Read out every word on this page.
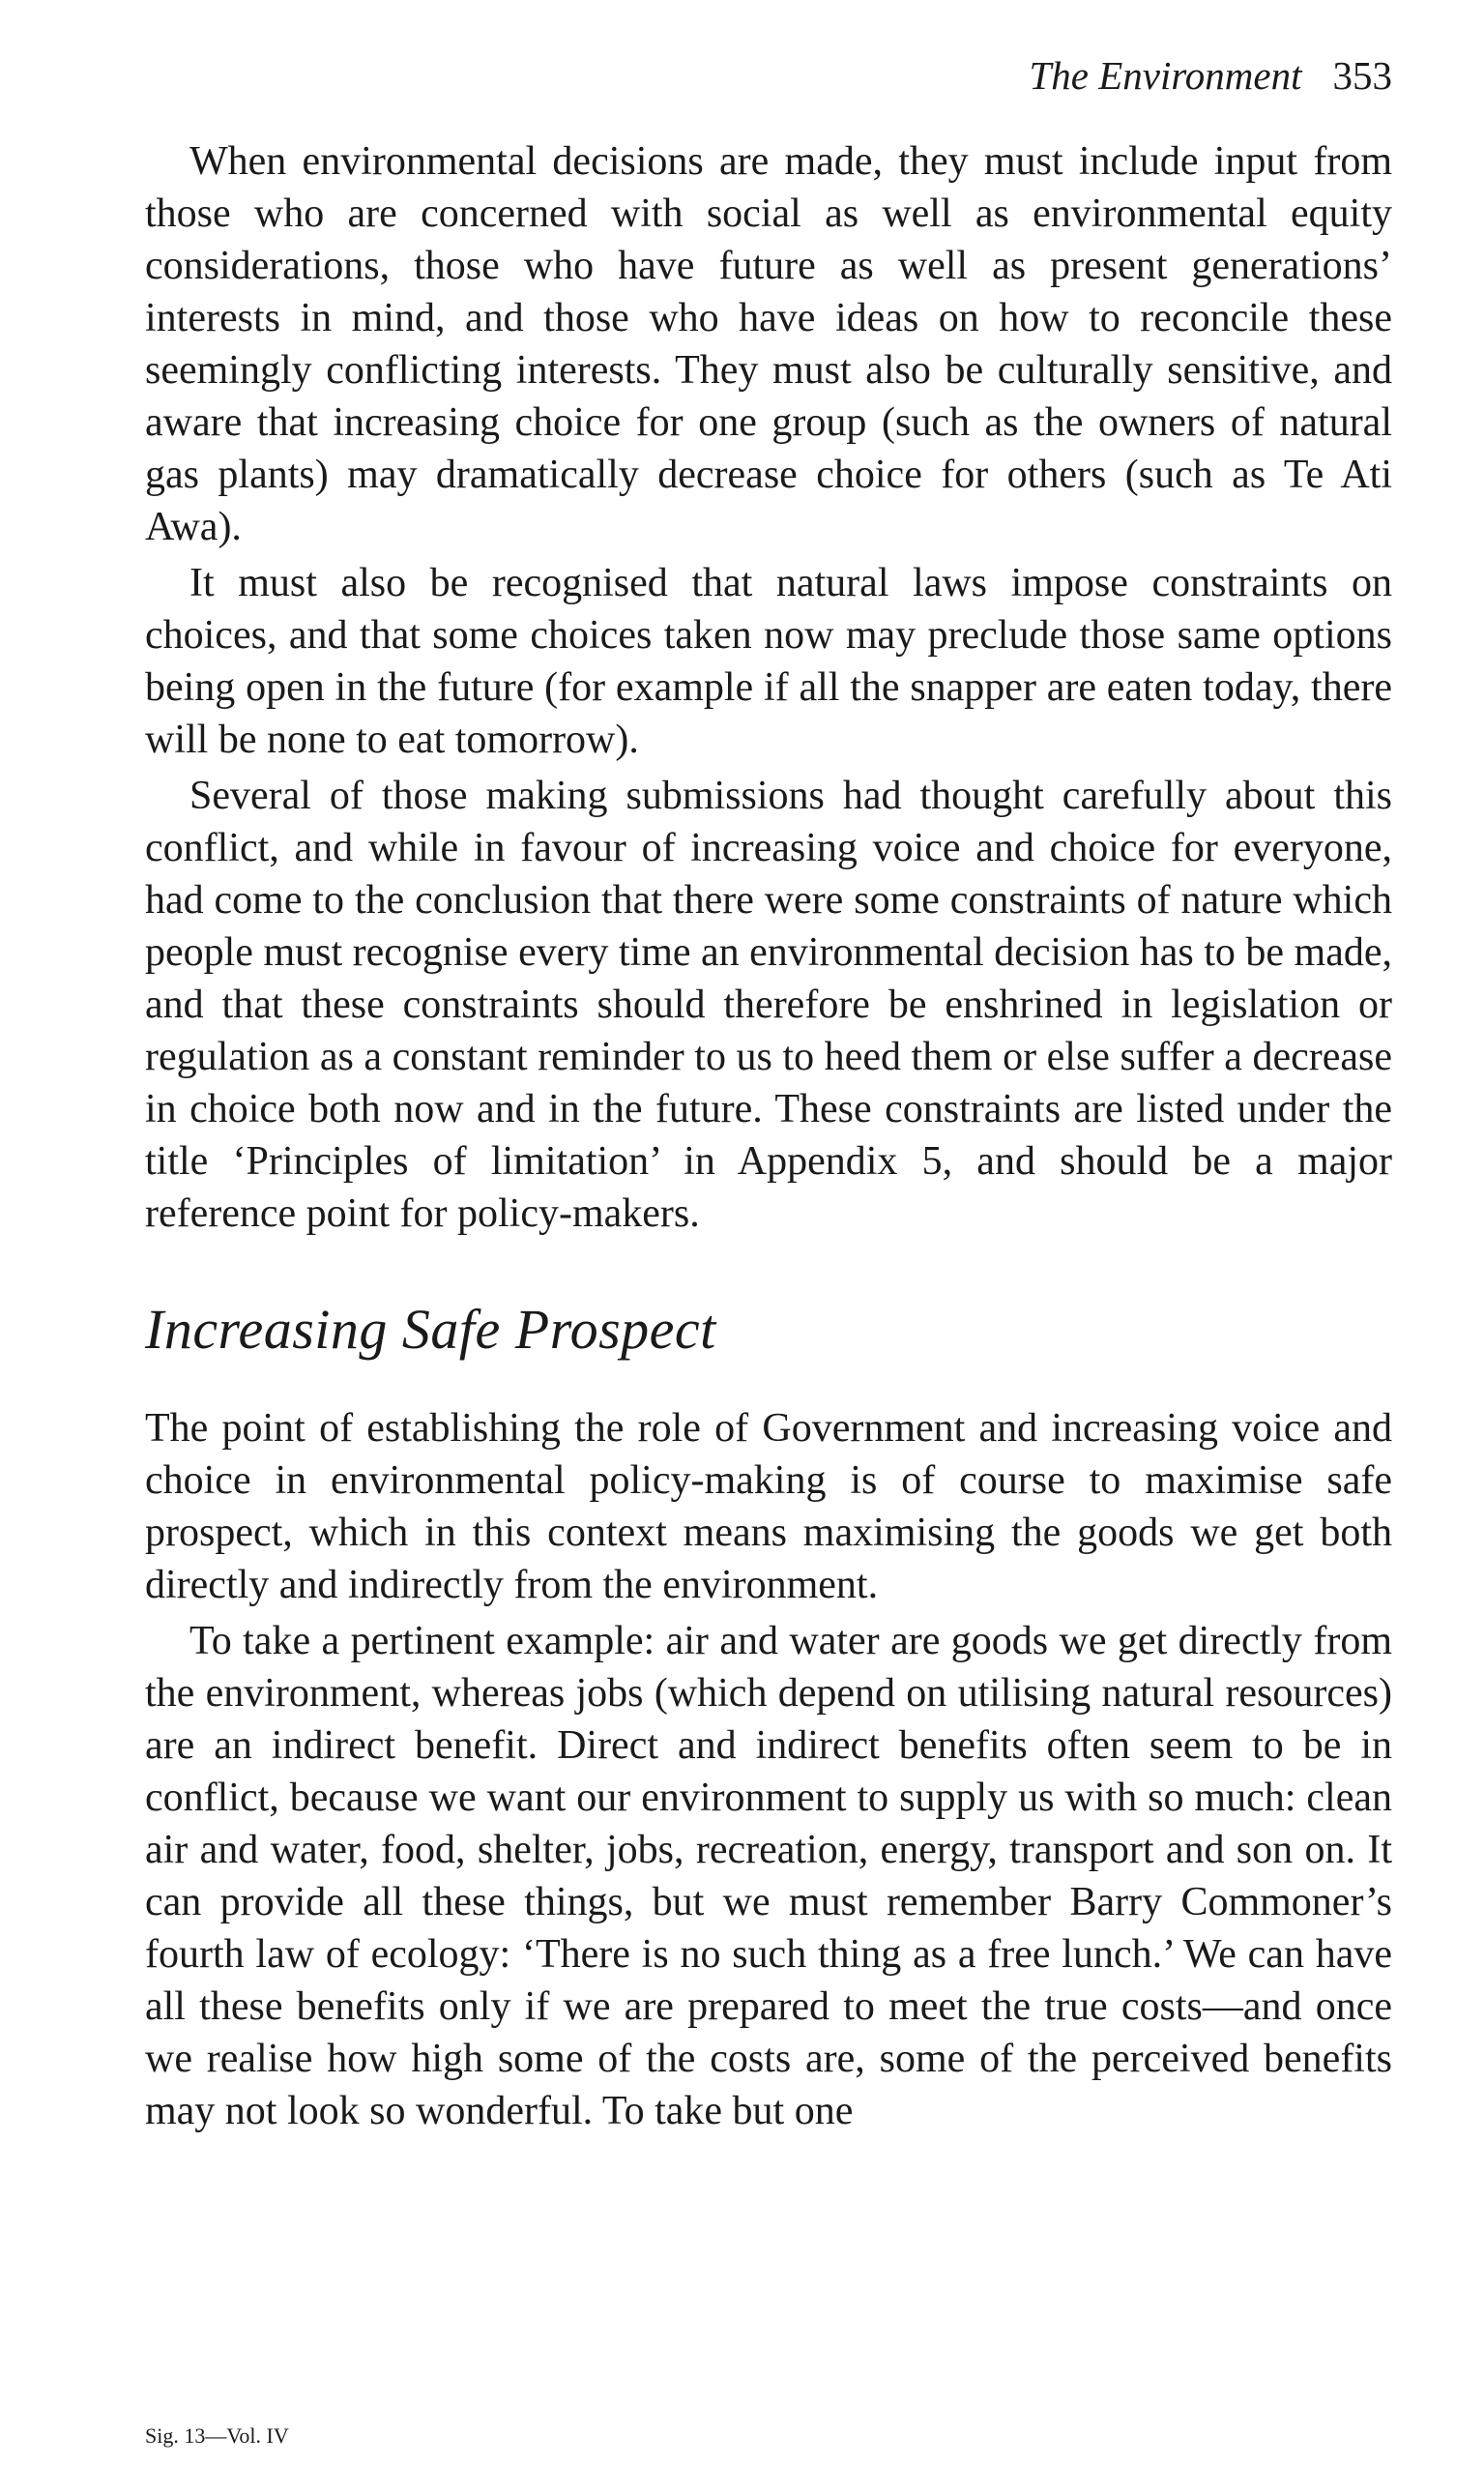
The Environment 353

When environmental decisions are made, they must include input from those who are concerned with social as well as environmental equity considerations, those who have future as well as present generations’ interests in mind, and those who have ideas on how to reconcile these seemingly conflicting interests. They must also be culturally sensitive, and aware that increasing choice for one group (such as the owners of natural gas plants) may dramatically decrease choice for others (such as Te Ati Awa).

It must also be recognised that natural laws impose constraints on choices, and that some choices taken now may preclude those same options being open in the future (for example if all the snapper are eaten today, there will be none to eat tomorrow).

Several of those making submissions had thought carefully about this conflict, and while in favour of increasing voice and choice for everyone, had come to the conclusion that there were some constraints of nature which people must recognise every time an environmental decision has to be made, and that these constraints should therefore be enshrined in legislation or regulation as a constant reminder to us to heed them or else suffer a decrease in choice both now and in the future. These constraints are listed under the title ‘Principles of limitation’ in Appendix 5, and should be a major reference point for policy-makers.

Increasing Safe Prospect

The point of establishing the role of Government and increasing voice and choice in environmental policy-making is of course to maximise safe prospect, which in this context means maximising the goods we get both directly and indirectly from the environment.

To take a pertinent example: air and water are goods we get directly from the environment, whereas jobs (which depend on utilising natural resources) are an indirect benefit. Direct and indirect benefits often seem to be in conflict, because we want our environment to supply us with so much: clean air and water, food, shelter, jobs, recreation, energy, transport and son on. It can provide all these things, but we must remember Barry Commoner’s fourth law of ecology: ‘There is no such thing as a free lunch.’ We can have all these benefits only if we are prepared to meet the true costs—and once we realise how high some of the costs are, some of the perceived benefits may not look so wonderful. To take but one

Sig. 13—Vol. IV
